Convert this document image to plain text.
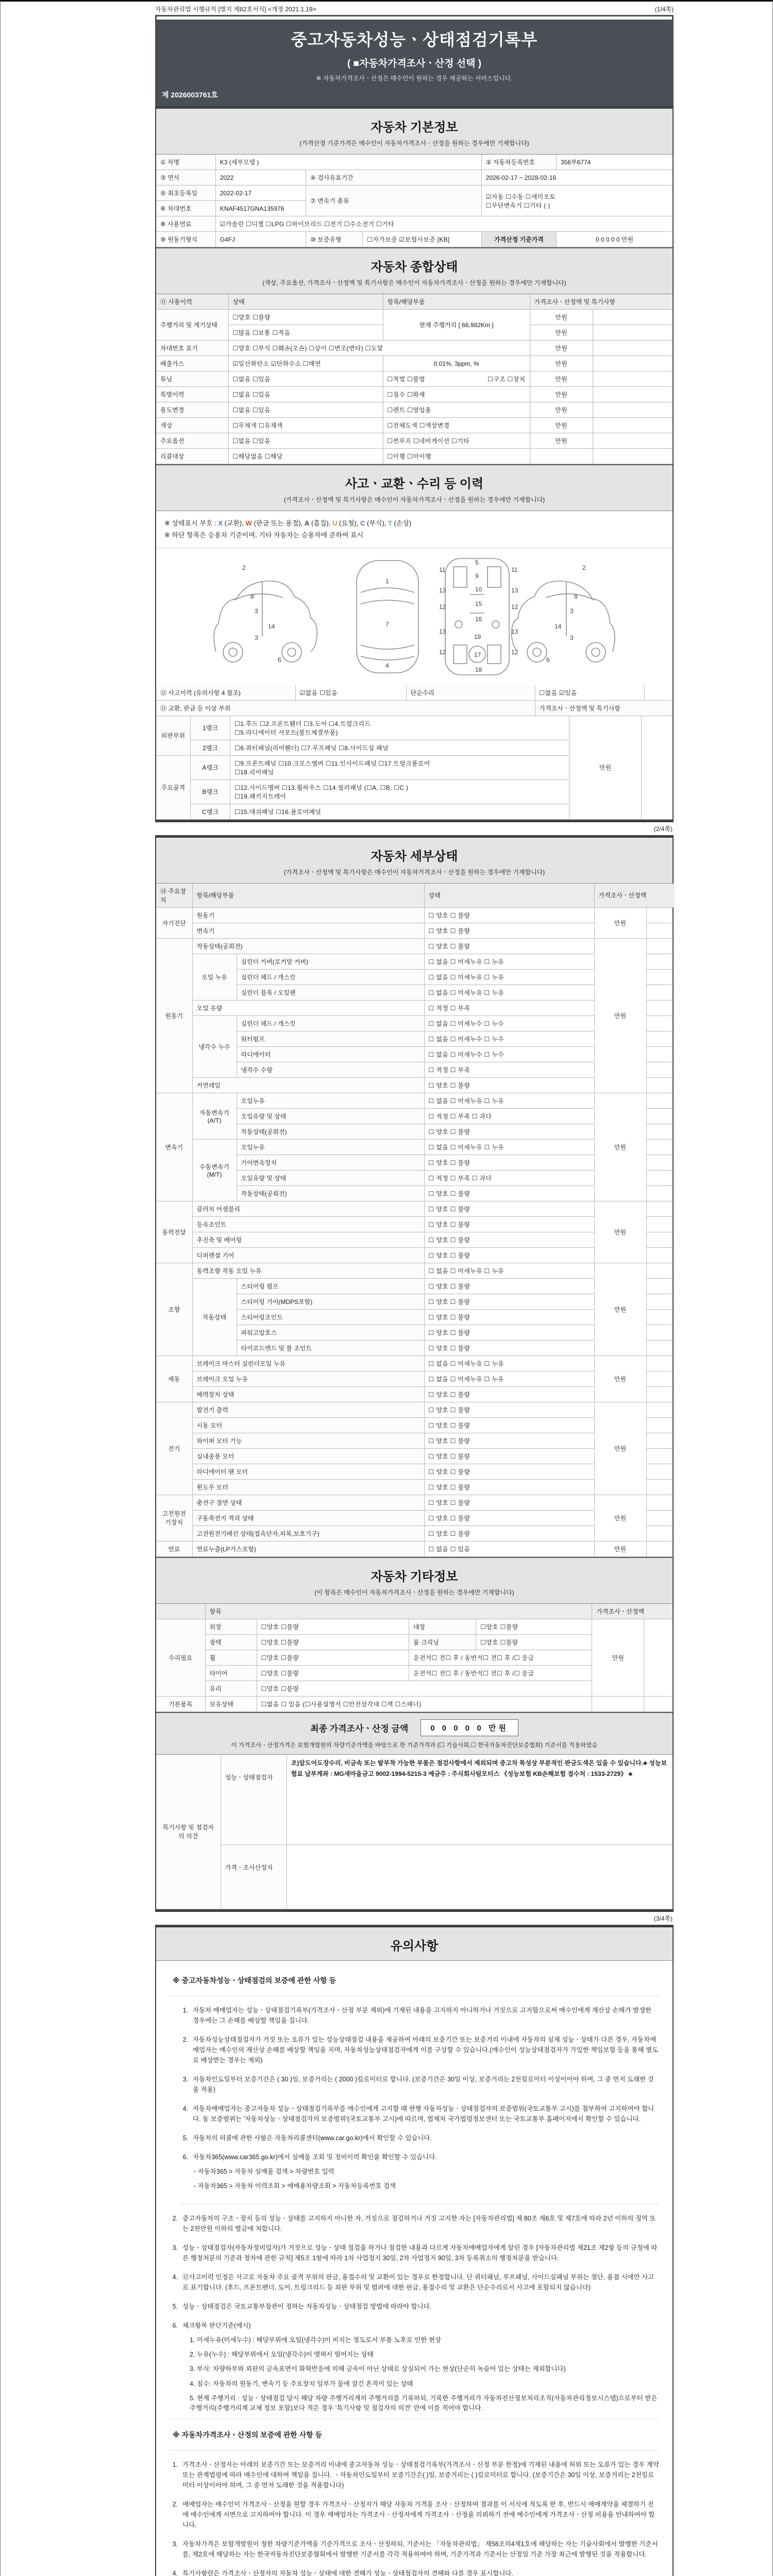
자동차관리법 시행규칙 [별지 제82호서식] <개정 2021.1.19>	(1/4쪽)
중고자동차성능ㆍ상태점검기록부
( ■자동차가격조사ㆍ산정 선택 )
※ 자동차가격조사ㆍ산정은 매수인이 원하는 경우 제공하는 서비스입니다.
제 2026003761호
자동차 기본정보
(가격산정 기준가격은 매수인이 자동차가격조사ㆍ산정을 원하는 경우에만 기재합니다)
① 차명	K3 (세부모델 )			② 자동차등록번호	356부6774
③ 연식	2022	④ 검사유효기간		2026-02-17 ~ 2028-02-16	
⑤ 최초등록일	2022-02-17	⑦ 변속기 종류		☑자동 ☐수동 ☐세미오토
☐무단변속기 ☐기타 ( )	

⑥ 차대번호	KNAF4517GNA135976				
⑧ 사용연료	☑가솔린 ☐디젤 ☐LPG ☐하이브리드 ☐전기 ☐수소전기 ☐기타				
⑨ 원동기형식	G4FJ	⑩ 보증유형	☐자가보증 ☑보험사보증 [KB]	가격산정 기준가격	0 0 0 0 0 만원
자동차 종합상태
(색상, 주요옵션, 가격조사ㆍ산정액 및 특기사항은 매수인이 자동차가격조사ㆍ산정을 원하는 경우에만 기재합니다)
⑪ 사용이력	상태	항목/해당부품	가격조사ㆍ산정액 및 특기사항	
주행거리 및 계기상태	☐양호 ☐불량	현재 주행거리 [ 66,982Km ]	만원	
	☐많음 ☐보통 ☐적음		만원	
차대번호 표기	☐양호 ☐부식 ☐훼손(오손) ☐상이 ☐변조(변타) ☐도말		만원	
배출가스	☑일산화탄소 ☑탄화수소 ☐매연	0.01%, 3ppm, %	만원	
튜닝	☐없음 ☐있음	☐적법 ☐불법 ☐구조 ☐장치	만원	
특별이력	☐없음 ☐있음	☐침수 ☐화재	만원	
용도변경	☐없음 ☐있음	☐렌트 ☐영업용	만원	
색상	☐무채색 ☐유채색	☐전체도색 ☐색상변경	만원	
주요옵션	☐없음 ☐있음	☐썬루프 ☐네비게이션 ☐기타	만원	
리콜대상	☐해당없음 ☐해당	☐이행 ☐미이행		
사고ㆍ교환ㆍ수리 등 이력
(가격조사ㆍ산정액 및 특기사항은 매수인이 자동차가격조사ㆍ산정을 원하는 경우에만 기재합니다)
※ 상태표시 부호 : X (교환), W (판금 또는 용접), A (흠집), U (요철), C (부식), T (손상)
※ 하단 항목은 승용차 기준이며, 기타 자동차는 승용차에 준하여 표시
2
8
3
14
3
6
1
7
4
5
9
10
15
16
19
17
18
11
13
12
13
12
11
13
12
13
12
2
8
3
14
3
6
⑫ 사고이력 (유의사항 4 참조)	☑없음 ☐있음	단순수리	☐없음 ☑있음	
⑬ 교환, 판금 등 이상 부위			가격조사ㆍ산정액 및 특기사항	
외판부위	1랭크	☐1.후드 ☐2.프론트휀더 ☐3.도어 ☐4.트렁크리드
☐5.라디에이터 서포트(볼트체결부품)	만원	
	2랭크	☐6.쿼터패널(리어휀더) ☐7.루프패널 ☐8.사이드실 패널		
주요골격	A랭크	☐9.프론트패널 ☐10.크로스멤버 ☐11.인사이드패널 ☐17.트렁크플로어
☐18.리어패널		

	B랭크	☐12.사이드멤버 ☐13.휠하우스 ☐14.필러패널 (☐A, ☐B, ☐C )
☐19.패키지트레이		

	C랭크	☐15.대쉬패널 ☐16.플로어패널		
(2/4쪽)
자동차 세부상태
(가격조사ㆍ산정액 및 특기사항은 매수인이 자동차가격조사ㆍ산정을 원하는 경우에만 기재합니다)
⑭ 주요장치	항목/해당부품		상태	가격조사ㆍ산정액	
자기진단	원동기		☐ 양호 ☐ 불량	만원	
	변속기		☐ 양호 ☐ 불량		
원동기	작동상태(공회전)		☐ 양호 ☐ 불량	만원	
	오일 누유	실린더 커버(로커암 커버)	☐ 없음 ☐ 미세누유 ☐ 누유		
		실린더 헤드 / 개스킷	☐ 없음 ☐ 미세누유 ☐ 누유		
		실린더 블록 / 오일팬	☐ 없음 ☐ 미세누유 ☐ 누유		
	오일 유량		☐ 적정 ☐ 부족		
	냉각수 누수	실린더 헤드 / 개스킷	☐ 없음 ☐ 미세누수 ☐ 누수		
		워터펌프	☐ 없음 ☐ 미세누수 ☐ 누수		
		라디에이터	☐ 없음 ☐ 미세누수 ☐ 누수		
		냉각수 수량	☐ 적정 ☐ 부족		
	커먼레일		☐ 양호 ☐ 불량		
변속기	자동변속기 (A/T)	오일누유	☐ 없음 ☐ 미세누유 ☐ 누유	만원	
		오일유량 및 상태	☐ 적정 ☐ 부족 ☐ 과다		
		작동상태(공회전)	☐ 양호 ☐ 불량		
	수동변속기 (M/T)	오일누유	☐ 없음 ☐ 미세누유 ☐ 누유		
		기어변속장치	☐ 양호 ☐ 불량		
		오일유량 및 상태	☐ 적정 ☐ 부족 ☐ 과다		
		작동상태(공회전)	☐ 양호 ☐ 불량		
동력전달	클러치 어셈블리		☐ 양호 ☐ 불량	만원	
	등속조인트		☐ 양호 ☐ 불량		
	추진축 및 베어링		☐ 양호 ☐ 불량		
	디퍼렌셜 기어		☐ 양호 ☐ 불량		
조향	동력조향 작동 오일 누유		☐ 없음 ☐ 미세누유 ☐ 누유	만원	
	작동상태	스티어링 펌프	☐ 양호 ☐ 불량		
		스티어링 기어(MDPS포함)	☐ 양호 ☐ 불량		
		스티어링조인트	☐ 양호 ☐ 불량		
		파워고압호스	☐ 양호 ☐ 불량		
		타이로드엔드 및 볼 조인트	☐ 양호 ☐ 불량		
제동	브레이크 마스터 실린더오일 누유		☐ 없음 ☐ 미세누유 ☐ 누유	만원	
	브레이크 오일 누유		☐ 없음 ☐ 미세누유 ☐ 누유		
	배력장치 상태		☐ 양호 ☐ 불량		
전기	발전기 출력		☐ 양호 ☐ 불량	만원	
	시동 모터		☐ 양호 ☐ 불량		
	와이퍼 모터 기능		☐ 양호 ☐ 불량		
	실내송풍 모터		☐ 양호 ☐ 불량		
	라디에이터 팬 모터		☐ 양호 ☐ 불량		
	윈도우 모터		☐ 양호 ☐ 불량		
고전원전기장치	충전구 절연 상태		☐ 양호 ☐ 불량	만원	
	구동축전지 격리 상태		☐ 양호 ☐ 불량		
	고전원전기배선 상태(접속단자,피복,보호기구)		☐ 양호 ☐ 불량		
연료	연료누출(LP가스포함)		☐ 없음 ☐ 있음	만원	
자동차 기타정보
(이 항목은 매수인이 자동차가격조사ㆍ산정을 원하는 경우에만 기재합니다)
	항목				가격조사ㆍ산정액	
수리필요	외장	☐양호 ☐불량	내장	☐양호 ☐불량	만원	
	광택	☐양호 ☐불량	룸 크리닝	☐양호 ☐불량		
	휠	☐양호 ☐불량	운전석☐ 전☐ 후 / 동반석☐ 전☐ 후 /☐ 응급			
	타이어	☐양호 ☐불량	운전석☐ 전☐ 후 / 동반석☐ 전☐ 후 /☐ 응급			
	유리	☐양호 ☐불량				
기본품목	보유상태	☐없음 ☐ 있음 (☐사용설명서 ☐안전삼각대 ☐잭 ☐스패너)				
최종 가격조사ㆍ산정 금액	0 0 0 0 0 만원
이 가격조사ㆍ산정가격은 보험개발원의 차량기준가액을 바탕으로 한 기준가격과 (☐ 기술사회,☐ 한국자동차진단보증협회) 기준서를 적용하였음
특기사항 및 점검자의 의견	성능ㆍ상태점검자	조)앞도어도장수리, 비금속 또는 탈부착 가능한 부품은 점검사항에서 제외되며 중고차 특성상 부분적인 판금도색은 있을 수 있습니다.♣ 성능보험료 납부계좌 : MG새마을금고 9002-1994-5215-3 예금주 : 주식회사팀모터스 《성능보험 KB손해보험 접수처 : 1533-2729》 ♣
	가격ㆍ조사산정자	
(3/4쪽)
유의사항
※ 중고자동차성능ㆍ상태점검의 보증에 관한 사항 등
1. 자동차 매매업자는 성능ㆍ상태점검기록부(가격조사ㆍ산정 부분 제외)에 기재된 내용을 고지하지 아니하거나 거짓으로 고지함으로써 매수인에게 재산상 손해가 발생한 경우에는 그 손해를 배상할 책임을 집니다.
2. 자동차성능상태점검자가 거짓 또는 오류가 있는 성능상태점검 내용을 제공하여 아래의 보증기간 또는 보증거리 이내에 자동차의 실제 성능ㆍ상태가 다른 경우, 자동차매매업자는 매수인의 재산상 손해를 배상할 책임을 지며, 자동차성능상태점검자에게 이를 구상할 수 있습니다.(매수인이 성능상태점검자가 가입한 책임보험 등을 통해 별도로 배상받는 경우는 제외)
3. 자동차인도일부터 보증기간은 ( 30 )일, 보증거리는 ( 2000 )킬로미터로 합니다. (보증기간은 30일 이상, 보증거리는 2천킬로미터 이상이어야 하며, 그 중 먼저 도래한 것을 적용)
4. 자동차매매업자는 중고자동차 성능ㆍ상태점검기록부를 매수인에게 고지할 때 현행 자동차성능ㆍ상태점검자의 보증범위(국토교통부 고시)를 첨부하여 고지하여야 합니다. 동 보증범위는 '자동차성능ㆍ상태점검자의 보증범위'(국토교통부 고시)에 따르며, 법제처 국가법령정보센터 또는 국토교통부 홈페이지에서 확인할 수 있습니다.
5. 자동차의 리콜에 관한 사항은 자동차리콜센터(www.car.go.kr)에서 확인할 수 있습니다.
6. 자동차365(www.car365.go.kr)에서 실매물 조회 및 정비이력 확인을 확인할 수 있습니다.
- 자동차365 > 자동차 실매물 검색 > 차량번호 입력
- 자동차365 > 자동차 이력조회 > 매매용차량조회 > 자동차등록번호 검색
2. 중고자동차의 구조ㆍ장치 등의 성능ㆍ상태를 고지하지 아니한 자, 거짓으로 점검하거나 거짓 고지한 자는 [자동차관리법] 제 80조 제6호 및 제7호에 따라 2년 이하의 징역 또는 2천만원 이하의 벌금에 처합니다.
3. 성능ㆍ상태점검자(자동차정비업자)가 거짓으로 성능ㆍ상태 점검을 하거나 점검한 내용과 다르게 자동차매매업자에게 알린 경우 [자동차관리법 제21조 제2항 등의 규정에 따른 행정처분의 기준과 절차에 관한 규칙] 제5조 1항에 따라 1차 사업정지 30일, 2차 사업정지 90일, 3차 등록취소의 행정처분을 받습니다.
4. ⑫사고이력 인정은 사고로 자동차 주요 골격 부위의 판금, 용접수리 및 교환이 있는 경우로 한정합니다. 단 쿼터패널, 루프패널, 사이드실패널 부위는 절단, 용접 시에만 사고로 표기합니다. (후드, 프론트펜더, 도어, 트렁크리드 등 외판 부위 및 범퍼에 대한 판금, 용접수리 및 교환은 단순수리로서 사고에 포함되지 않습니다)
5. 성능ㆍ상태점검은 국토교통부장관이 정하는 자동차성능ㆍ상태점검 방법에 따라야 합니다.
6. 체크항목 판단기준(예시)
1. 미세누유(미세누수) : 해당부위에 오일(냉각수)이 비치는 정도로서 부품 노후로 인한 현상
2. 누유(누수) : 해당부위에서 오일(냉각수)이 맺혀서 떨어지는 상태
3. 부식: 차량하부와 외판의 금속표면이 화학반응에 의해 금속이 아닌 상태로 상실되어 가는 현상(단순히 녹슬어 있는 상태는 제외합니다)
4. 침수: 자동차의 원동기, 변속기 등 주요장치 일부가 물에 잠긴 흔적이 있는 상태
5. 현재 주행거리 : 성능ㆍ상태점검 당시 해당 차량 주행거리계의 주행거리를 기록하되, 기록한 주행거리가 자동차전산정보처리조직(자동차관리정보시스템)으로부터 받은 주행거리(주행거리계 교체 정보 포함)보다 적은 경우 '특기사항 및 점검자의 의견' 란에 이를 적어야 합니다.
※ 자동차가격조사ㆍ산정의 보증에 관한 사항 등
1. 가격조사ㆍ산정자는 아래의 보증기간 또는 보증거리 이내에 중고자동차 성능ㆍ상태점검기록부(가격조사ㆍ산정 부분 한정)에 기재된 내용에 허위 또는 오류가 있는 경우 계약 또는 관계법령에 따라 매수인에 대하여 책임을 집니다. ㆍ자동차인도일부터 보증기간은( )일, 보증거리는 ( )킬로미터로 합니다. (보증기간은 30일 이상, 보증거리는 2천킬로미터 이상이어야 하며, 그 중 먼저 도래한 것을 적용합니다)
2. 매매업자는 매수인이 가격조사ㆍ산정을 원할 경우 가격조사ㆍ산정자가 해당 자동차 가격을 조사ㆍ산정하여 결과를 이 서식에 적도록 한 후, 반드시 매매계약을 체결하기 전에 매수인에게 서면으로 고지하여야 합니다. 이 경우 매매업자는 가격조사ㆍ산정자에게 가격조사ㆍ산정을 의뢰하기 전에 매수인에게 가격조사ㆍ산정 비용을 안내하여야 합니다.
3. 자동차가격은 보험개발원이 정한 차량기준가액을 기준가격으로 조사ㆍ산정하되, 기준서는 「자동차관리법」 제58조의4제1호에 해당하는 자는 기술사회에서 발행한 기준서를, 제2호에 해당하는 자는 한국자동차진단보증협회에서 발행한 기준서를 각각 적용하여야 하며, 기준가격과 기준서는 산정일 기준 가장 최근에 발행된 것을 적용합니다.
4. 특기사항란은 가격조사ㆍ산정자의 자동차 성능ㆍ상태에 대한 견해가 성능ㆍ상태점검자의 견해와 다를 경우 표시합니다.
